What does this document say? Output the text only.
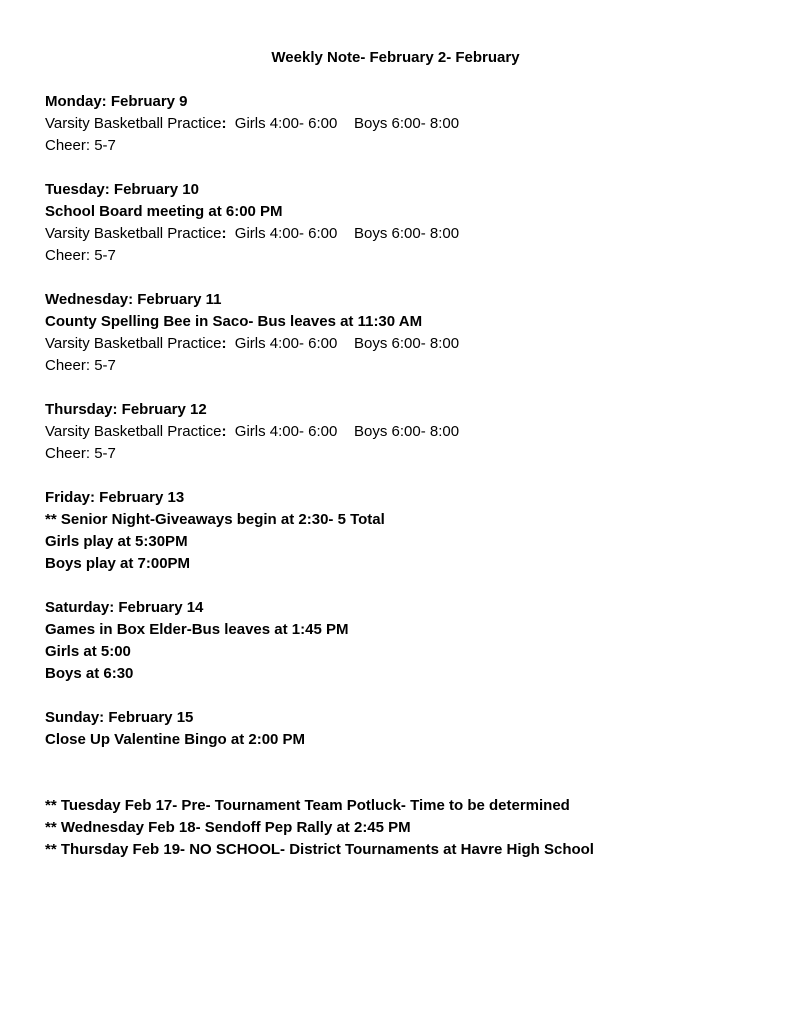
Weekly Note- February 2- February
Monday: February 9
Varsity Basketball Practice:  Girls 4:00- 6:00    Boys 6:00- 8:00
Cheer: 5-7
Tuesday: February 10
School Board meeting at 6:00 PM
Varsity Basketball Practice:  Girls 4:00- 6:00    Boys 6:00- 8:00
Cheer: 5-7
Wednesday: February 11
County Spelling Bee in Saco- Bus leaves at 11:30 AM
Varsity Basketball Practice:  Girls 4:00- 6:00    Boys 6:00- 8:00
Cheer: 5-7
Thursday: February 12
Varsity Basketball Practice:  Girls 4:00- 6:00    Boys 6:00- 8:00
Cheer: 5-7
Friday: February 13
** Senior Night-Giveaways begin at 2:30- 5 Total
Girls play at 5:30PM
Boys play at 7:00PM
Saturday: February 14
Games in Box Elder-Bus leaves at 1:45 PM
Girls at 5:00
Boys at 6:30
Sunday: February 15
Close Up Valentine Bingo at 2:00 PM
** Tuesday Feb 17- Pre- Tournament Team Potluck- Time to be determined
** Wednesday Feb 18- Sendoff Pep Rally at 2:45 PM
** Thursday Feb 19- NO SCHOOL- District Tournaments at Havre High School
